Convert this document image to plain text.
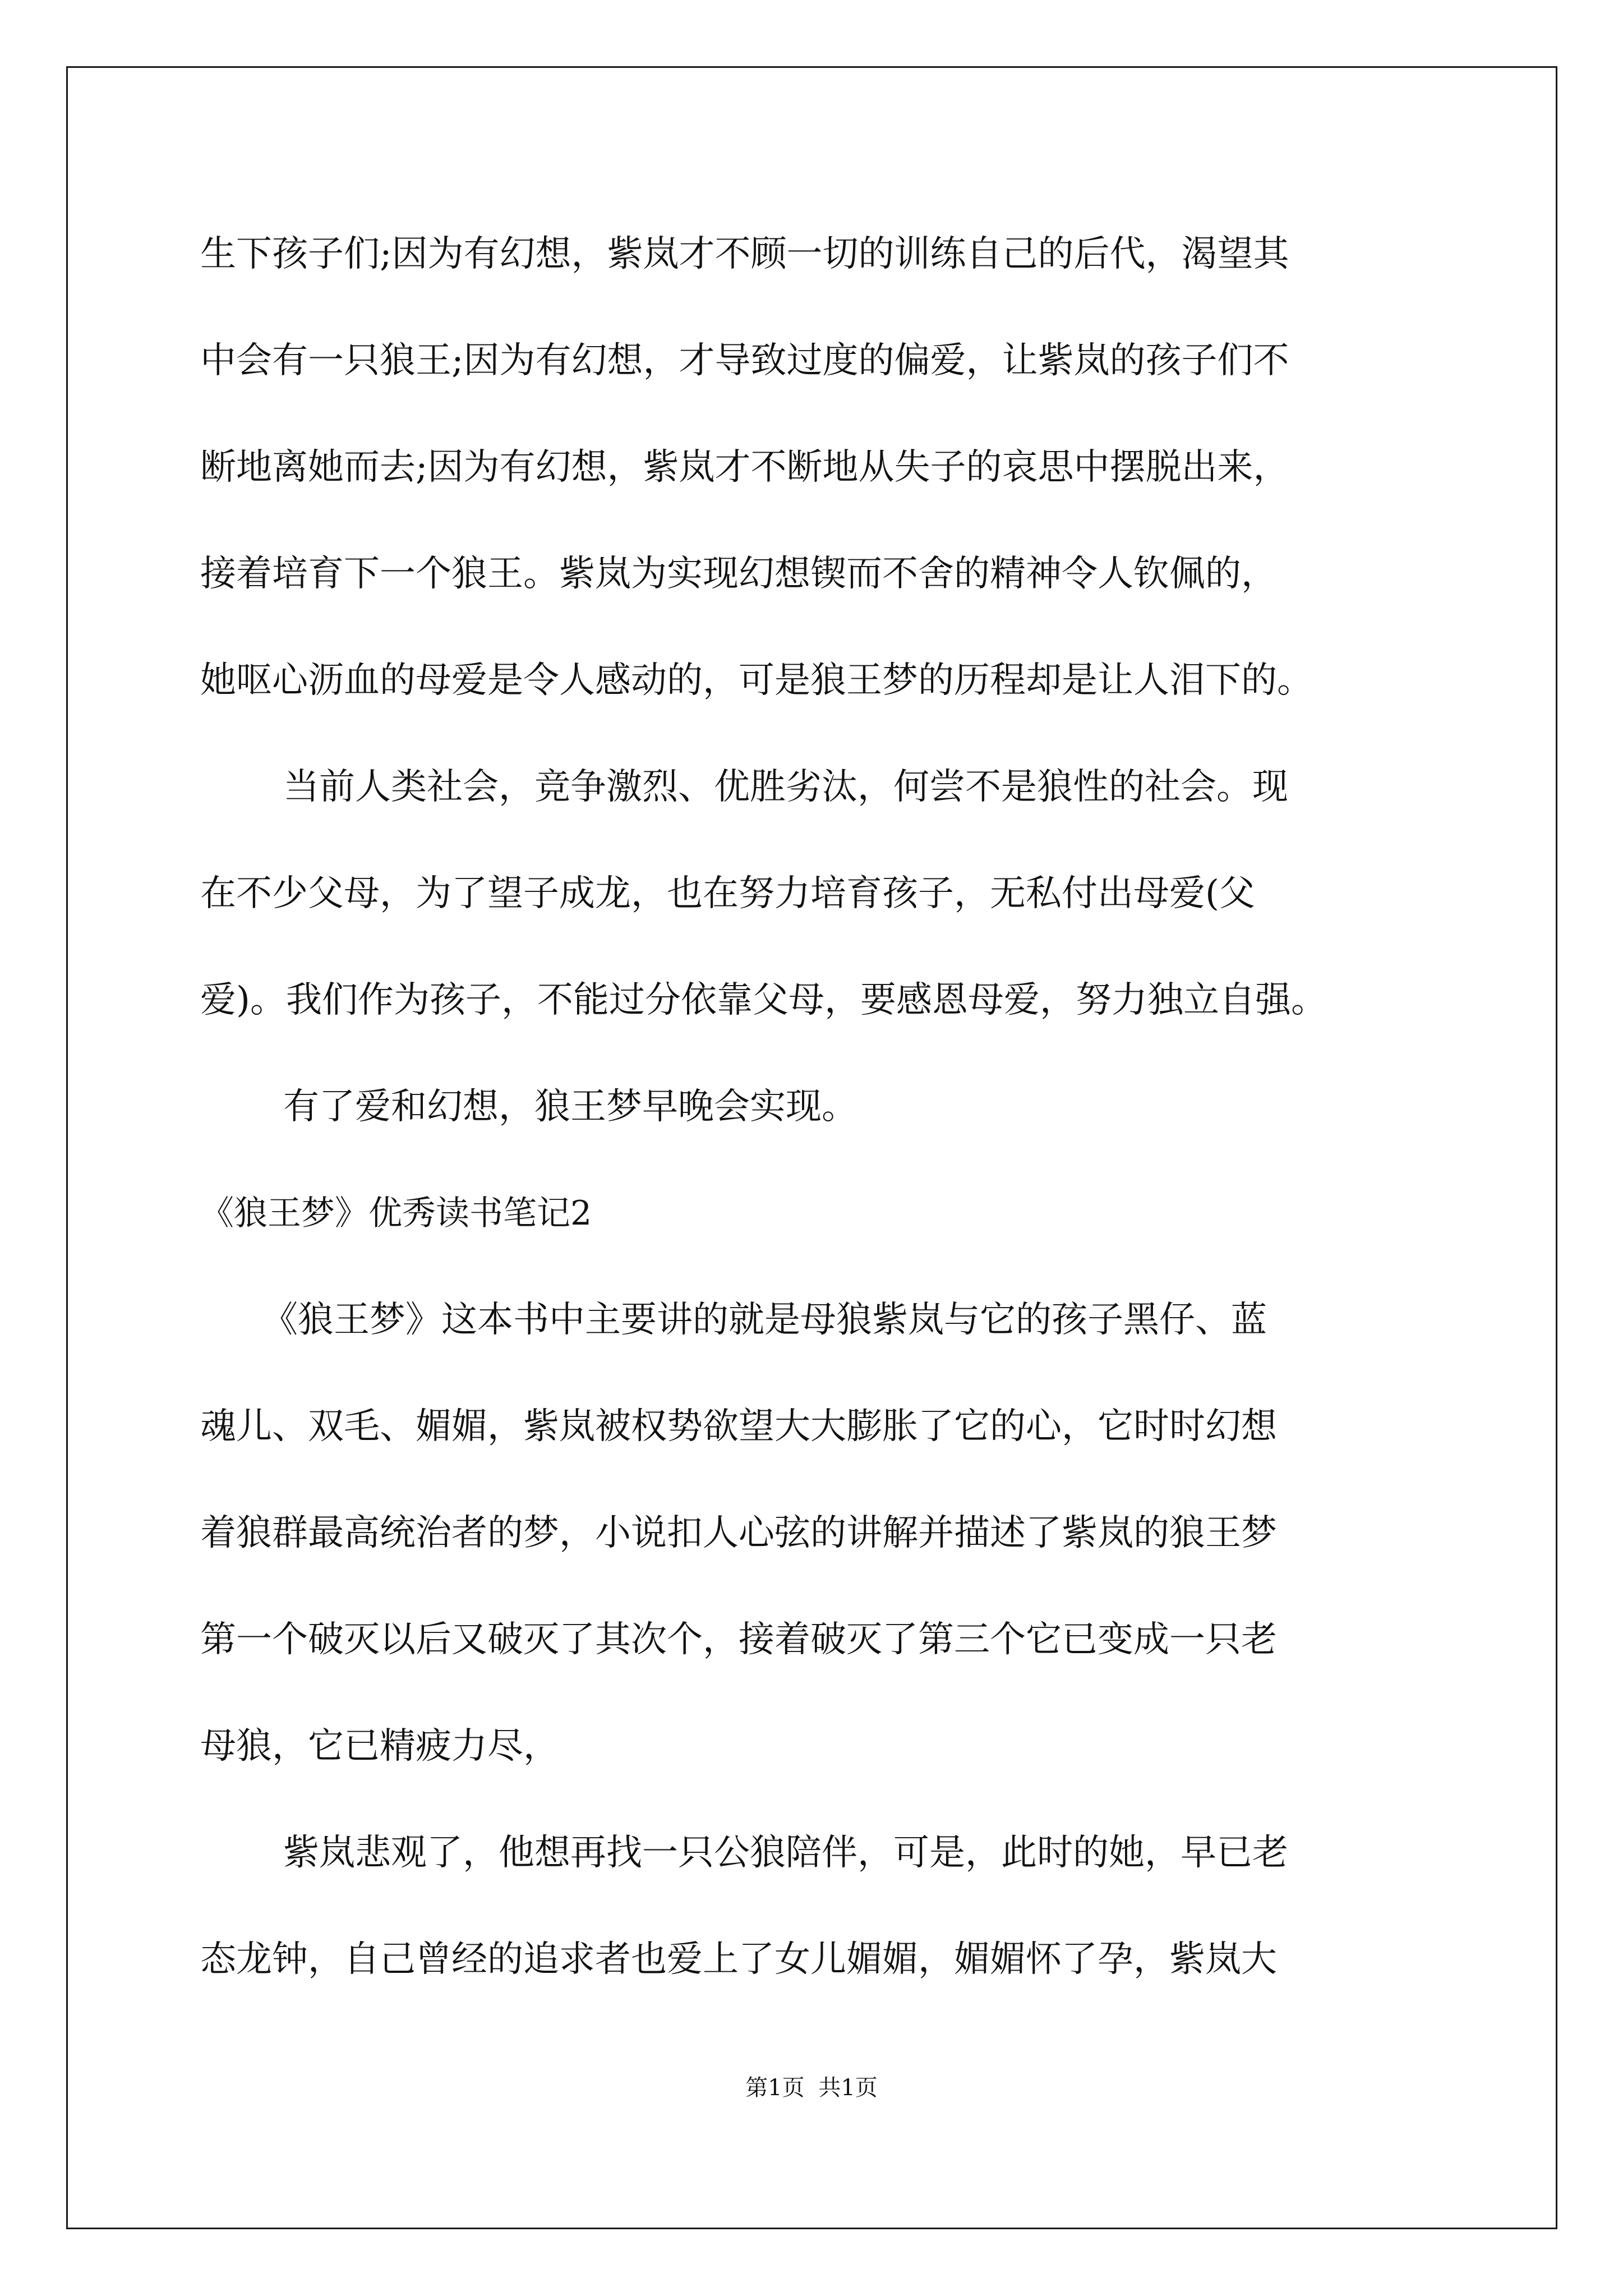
生下孩子们;因为有幻想，紫岚才不顾一切的训练自己的后代，渴望其
中会有一只狼王;因为有幻想，才导致过度的偏爱，让紫岚的孩子们不
断地离她而去;因为有幻想，紫岚才不断地从失子的哀思中摆脱出来，
接着培育下一个狼王。紫岚为实现幻想锲而不舍的精神令人钦佩的，
她呕心沥血的母爱是令人感动的，可是狼王梦的历程却是让人泪下的。
当前人类社会，竞争激烈、优胜劣汰，何尝不是狼性的社会。现
在不少父母，为了望子成龙，也在努力培育孩子，无私付出母爱(父
爱)。我们作为孩子，不能过分依靠父母，要感恩母爱，努力独立自强。
有了爱和幻想，狼王梦早晚会实现。
《狼王梦》优秀读书笔记2
《狼王梦》这本书中主要讲的就是母狼紫岚与它的孩子黑仔、蓝
魂儿、双毛、媚媚，紫岚被权势欲望大大膨胀了它的心，它时时幻想
着狼群最高统治者的梦，小说扣人心弦的讲解并描述了紫岚的狼王梦
第一个破灭以后又破灭了其次个，接着破灭了第三个它已变成一只老
母狼，它已精疲力尽，
紫岚悲观了，他想再找一只公狼陪伴，可是，此时的她，早已老
态龙钟，自己曾经的追求者也爱上了女儿媚媚，媚媚怀了孕，紫岚大
第1页 共1页
